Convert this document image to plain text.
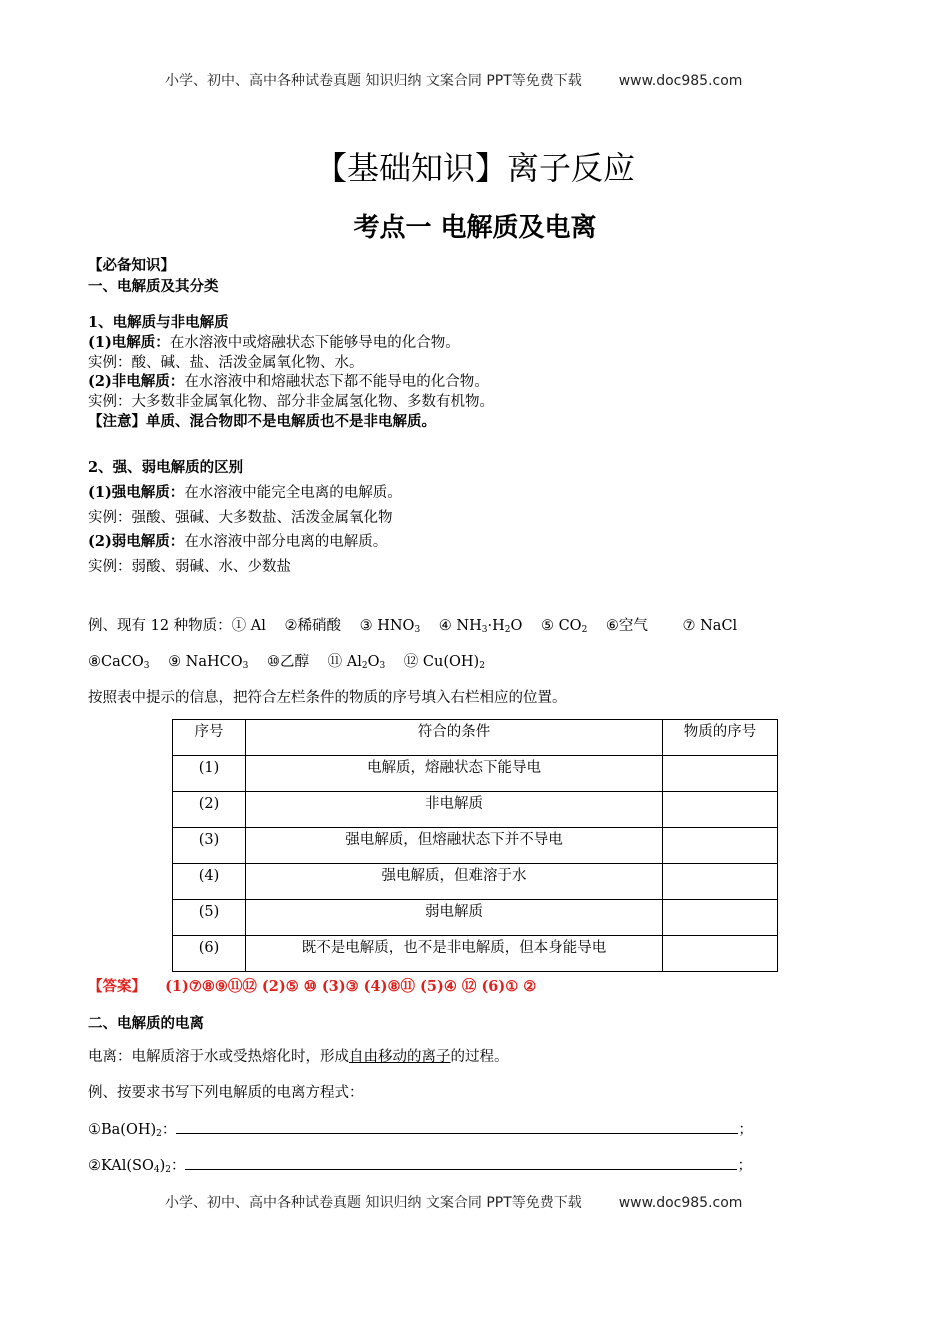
小学、初中、高中各种试卷真题 知识归纳 文案合同 PPT等免费下载	www.doc985.com
【基础知识】离子反应
考点一 电解质及电离
【必备知识】
一、电解质及其分类
1、电解质与非电解质
(1)电解质：在水溶液中或熔融状态下能够导电的化合物。
实例：酸、碱、盐、活泼金属氧化物、水。
(2)非电解质：在水溶液中和熔融状态下都不能导电的化合物。
实例：大多数非金属氧化物、部分非金属氢化物、多数有机物。
【注意】单质、混合物即不是电解质也不是非电解质。
2、强、弱电解质的区别
(1)强电解质：在水溶液中能完全电离的电解质。
实例：强酸、强碱、大多数盐、活泼金属氧化物
(2)弱电解质：在水溶液中部分电离的电解质。
实例：弱酸、弱碱、水、少数盐
例、现有 12 种物质：① Al ②稀硝酸 ③ $HNO_3$ ④ $NH_3\cdot H_2O$ ⑤ $CO_2$ ⑥空气 ⑦ NaCl
⑧CaCO$_3$ ⑨ NaHCO$_3$ ⑩乙醇 ⑪ $Al_2O_3$ ⑫ $Cu(OH)_2$
按照表中提示的信息，把符合左栏条件的物质的序号填入右栏相应的位置。
序号	符合的条件	物质的序号
(1)	电解质，熔融状态下能导电	
(2)	非电解质	
(3)	强电解质，但熔融状态下并不导电	
(4)	强电解质，但难溶于水	
(5)	弱电解质	
(6)	既不是电解质，也不是非电解质，但本身能导电	
【答案】 (1)⑦⑧⑨⑪⑫ (2)⑤ ⑩ (3)③ (4)⑧⑪ (5)④ ⑫ (6)① ②
二、电解质的电离
电离：电解质溶于水或受热熔化时，形成自由移动的离子的过程。
例、按要求书写下列电解质的电离方程式：
$①Ba(OH)_2$：	；
$②KAl(SO_4)_2$：	；
小学、初中、高中各种试卷真题 知识归纳 文案合同 PPT等免费下载	www.doc985.com
